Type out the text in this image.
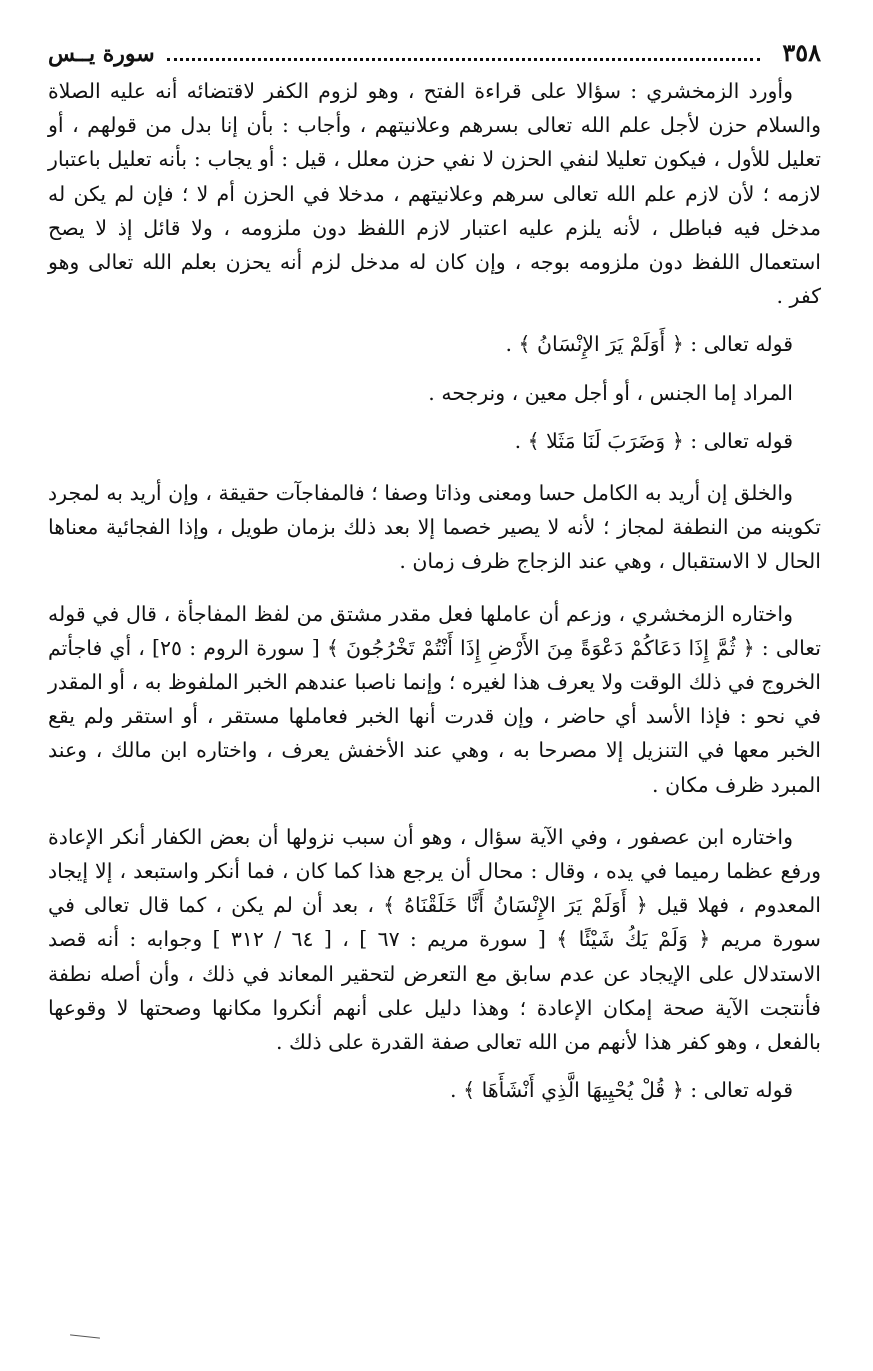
٣٥٨
سورة يــس

وأورد الزمخشري : سؤالا على قراءة الفتح ، وهو لزوم الكفر لاقتضائه أنه عليه الصلاة والسلام حزن لأجل علم الله تعالى بسرهم وعلانيتهم ، وأجاب : بأن إنا بدل من قولهم ، أو تعليل للأول ، فيكون تعليلا لنفي الحزن لا نفي حزن معلل ، قيل : أو يجاب : بأنه تعليل باعتبار لازمه ؛ لأن لازم علم الله تعالى سرهم وعلانيتهم ، مدخلا في الحزن أم لا ؛ فإن لم يكن له مدخل فيه فباطل ، لأنه يلزم عليه اعتبار لازم اللفظ دون ملزومه ، ولا قائل إذ لا يصح استعمال اللفظ دون ملزومه بوجه ، وإن كان له مدخل لزم أنه يحزن بعلم الله تعالى وهو كفر .

قوله تعالى : ﴿ أَوَلَمْ يَرَ الإِنْسَانُ ﴾ .

المراد إما الجنس ، أو أجل معين ، ونرجحه .

قوله تعالى : ﴿ وَضَرَبَ لَنَا مَثَلا ﴾ .

والخلق إن أريد به الكامل حسا ومعنى وذاتا وصفا ؛ فالمفاجآت حقيقة ، وإن أريد به لمجرد تكوينه من النطفة لمجاز ؛ لأنه لا يصير خصما إلا بعد ذلك بزمان طويل ، وإذا الفجائية معناها الحال لا الاستقبال ، وهي عند الزجاج ظرف زمان .

واختاره الزمخشري ، وزعم أن عاملها فعل مقدر مشتق من لفظ المفاجأة ، قال في قوله تعالى : ﴿ ثُمَّ إِذَا دَعَاكُمْ دَعْوَةً مِنَ الأَرْضِ إِذَا أَنْتُمْ تَخْرُجُونَ ﴾ [ سورة الروم : ٢٥] ، أي فاجأتم الخروج في ذلك الوقت ولا يعرف هذا لغيره ؛ وإنما ناصبا عندهم الخبر الملفوظ به ، أو المقدر في نحو : فإذا الأسد أي حاضر ، وإن قدرت أنها الخبر فعاملها مستقر ، أو استقر ولم يقع الخبر معها في التنزيل إلا مصرحا به ، وهي عند الأخفش يعرف ، واختاره ابن مالك ، وعند المبرد ظرف مكان .

واختاره ابن عصفور ، وفي الآية سؤال ، وهو أن سبب نزولها أن بعض الكفار أنكر الإعادة ورفع عظما رميما في يده ، وقال : محال أن يرجع هذا كما كان ، فما أنكر واستبعد ، إلا إيجاد المعدوم ، فهلا قيل ﴿ أَوَلَمْ يَرَ الإِنْسَانُ أَنَّا خَلَقْنَاهُ ﴾ ، بعد أن لم يكن ، كما قال تعالى في سورة مريم ﴿ وَلَمْ يَكُ شَيْئًا ﴾ [ سورة مريم : ٦٧ ] ، [ ٦٤ / ٣١٢ ] وجوابه : أنه قصد الاستدلال على الإيجاد عن عدم سابق مع التعرض لتحقير المعاند في ذلك ، وأن أصله نطفة فأنتجت الآية صحة إمكان الإعادة ؛ وهذا دليل على أنهم أنكروا مكانها وصحتها لا وقوعها بالفعل ، وهو كفر هذا لأنهم من الله تعالى صفة القدرة على ذلك .

قوله تعالى : ﴿ قُلْ يُحْيِيهَا الَّذِي أَنْشَأَهَا ﴾ .
